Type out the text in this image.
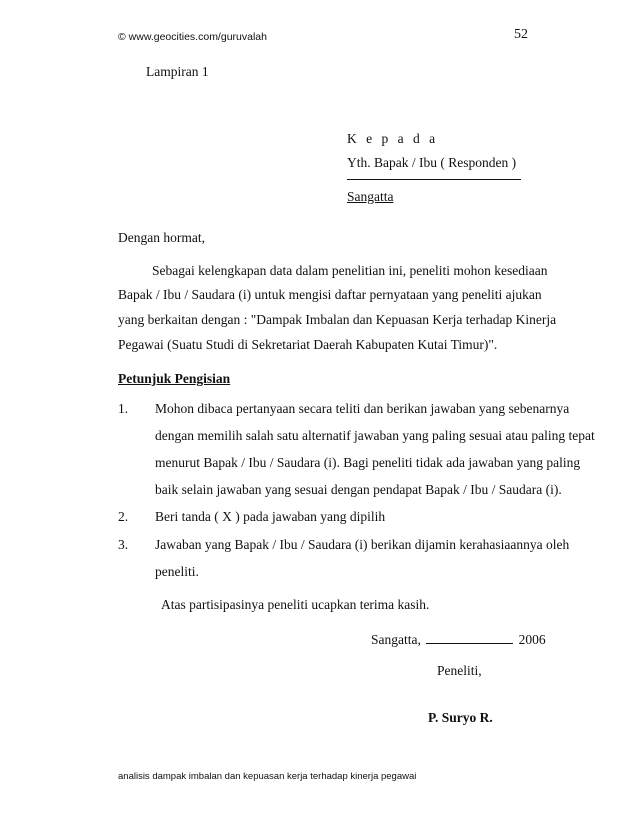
© www.geocities.com/guruvalah	52
Lampiran 1
K e p a d a
Yth. Bapak / Ibu ( Responden )
Sangatta
Dengan hormat,
Sebagai kelengkapan data dalam penelitian ini, peneliti mohon kesediaan
Bapak / Ibu / Saudara (i) untuk mengisi daftar pernyataan yang peneliti ajukan
yang berkaitan dengan : "Dampak Imbalan dan Kepuasan Kerja terhadap Kinerja
Pegawai (Suatu Studi di Sekretariat Daerah Kabupaten Kutai Timur)".
Petunjuk Pengisian
1. Mohon dibaca pertanyaan secara teliti dan berikan jawaban yang sebenarnya
dengan memilih salah satu alternatif jawaban yang paling sesuai atau paling tepat
menurut Bapak / Ibu / Saudara (i). Bagi peneliti tidak ada jawaban yang paling
baik selain jawaban yang sesuai dengan pendapat Bapak / Ibu / Saudara (i).
2. Beri tanda ( X ) pada jawaban yang dipilih
3. Jawaban yang Bapak / Ibu / Saudara (i) berikan dijamin kerahasiaannya oleh
peneliti.
Atas partisipasinya peneliti ucapkan terima kasih.
Sangatta,	2006
Peneliti,
P. Suryo R.
analisis dampak imbalan dan kepuasan kerja terhadap kinerja pegawai
